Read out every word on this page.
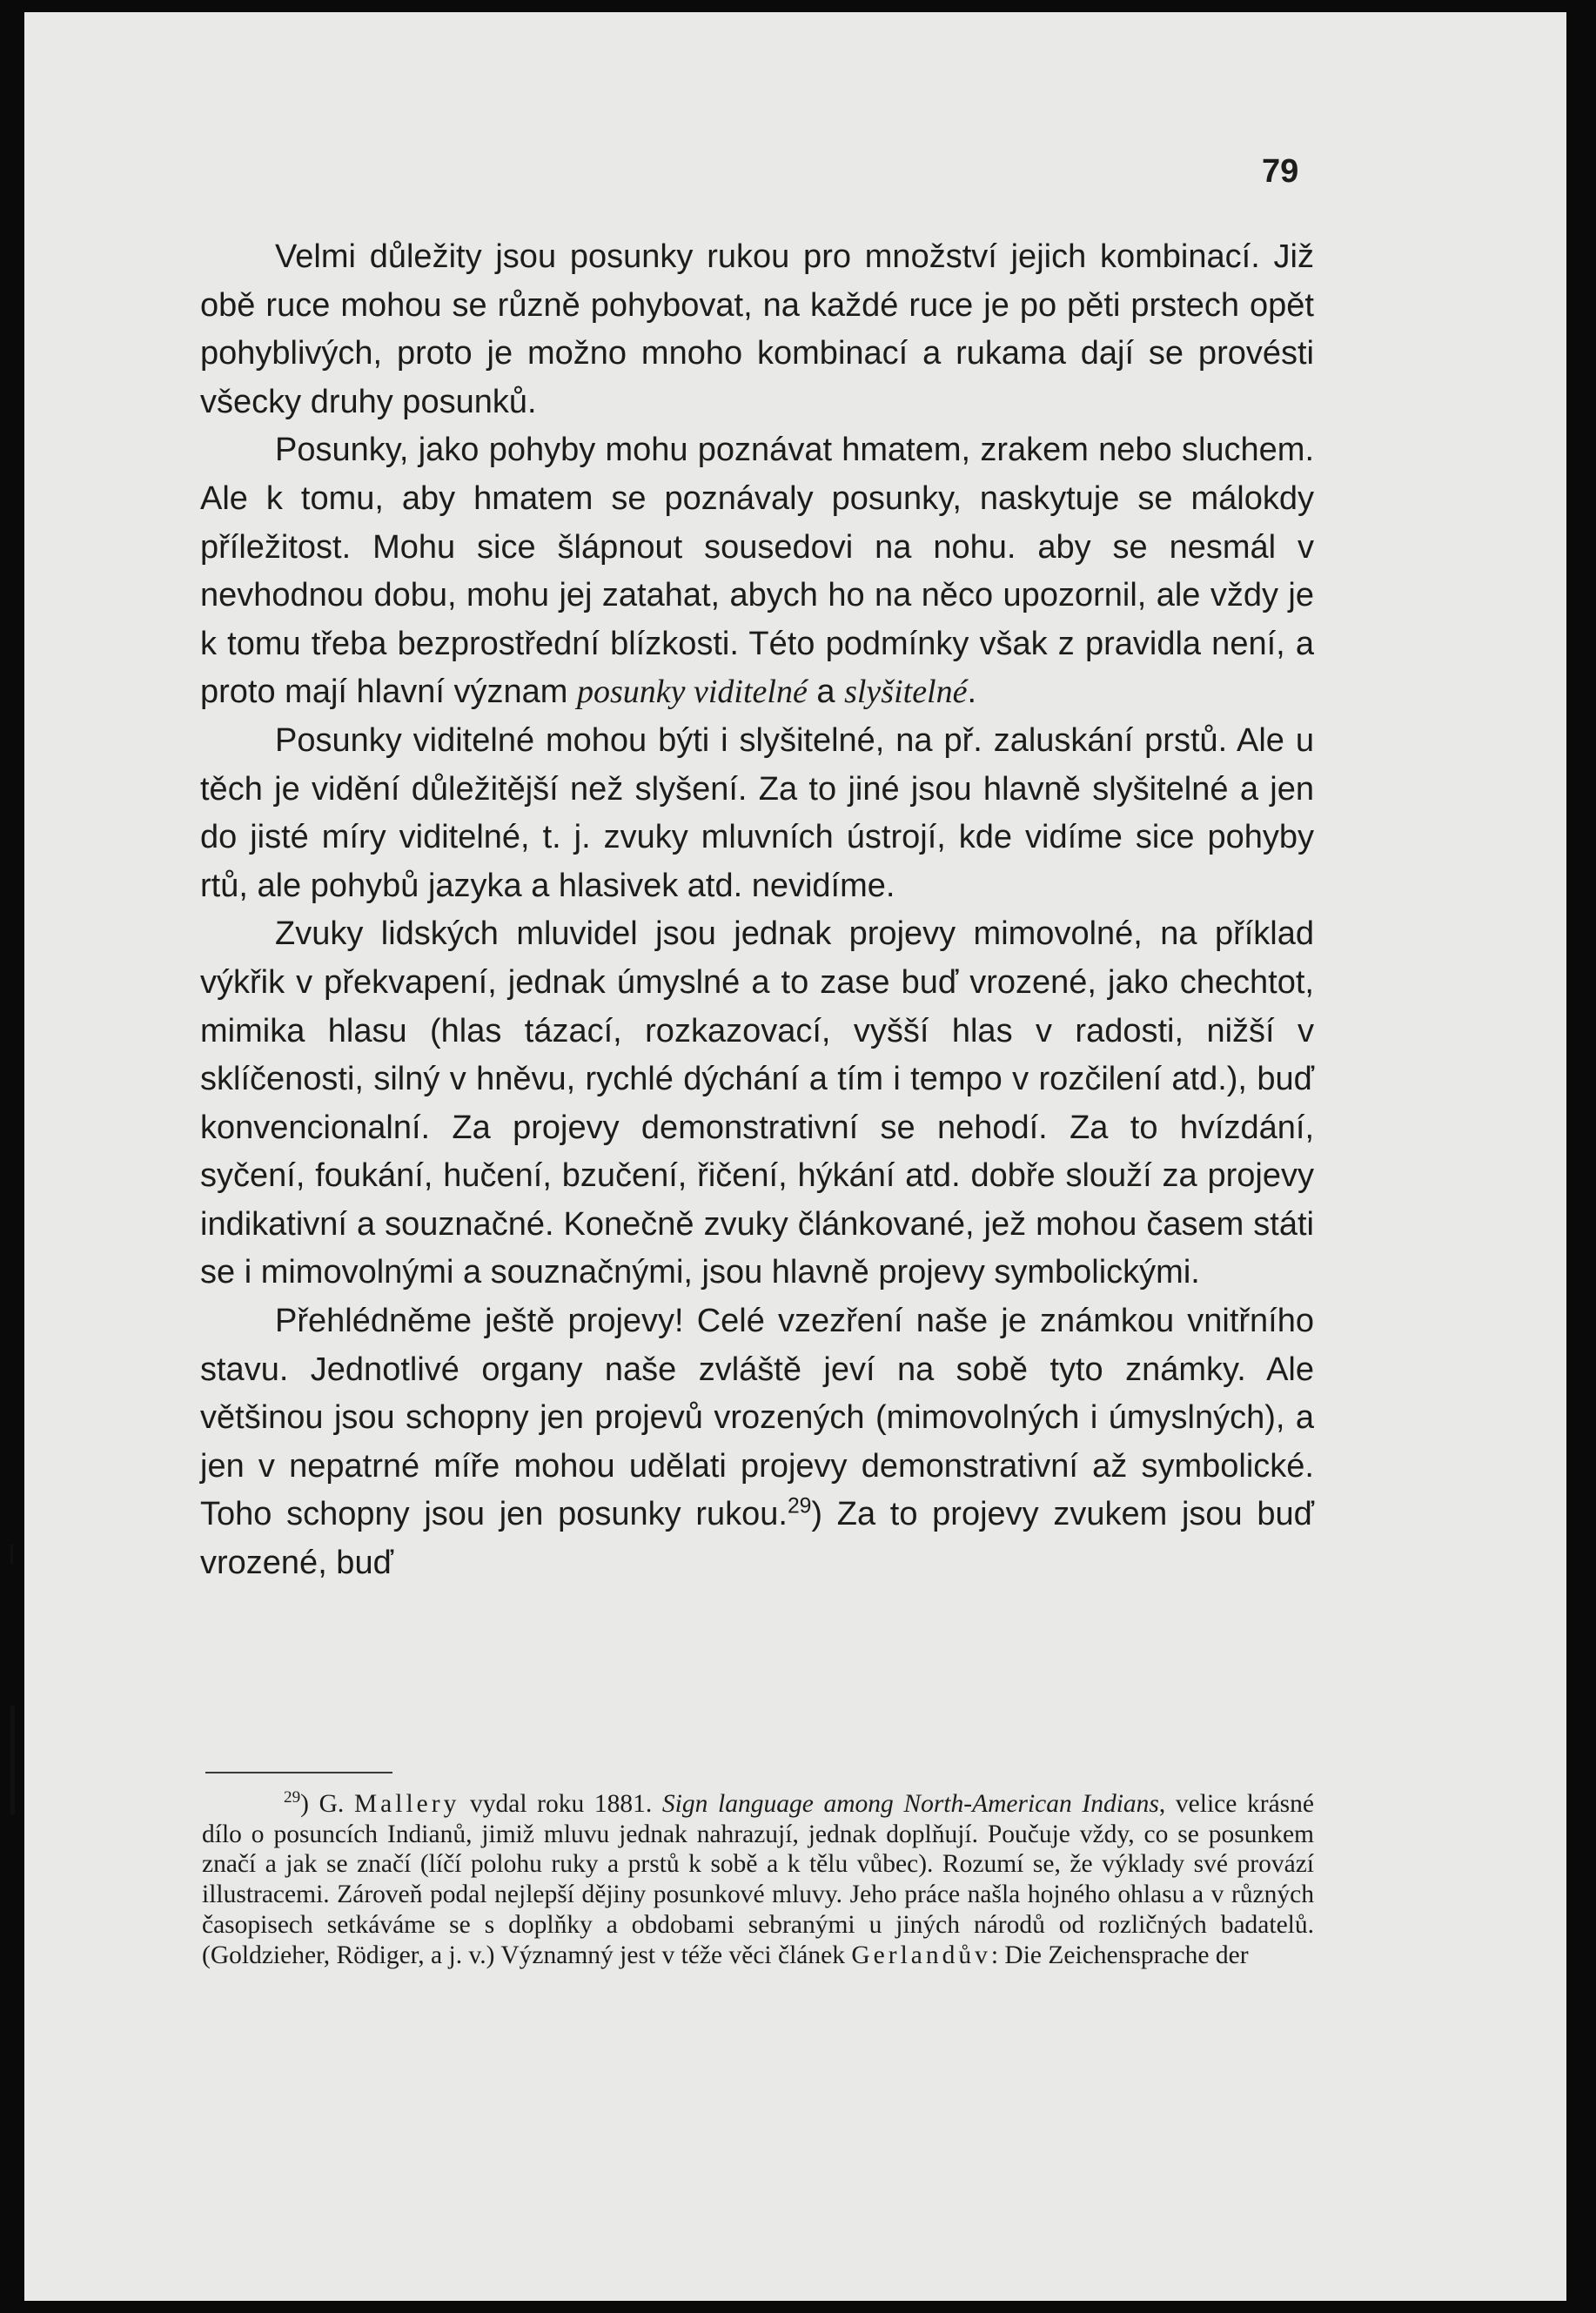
79

Velmi důležity jsou posunky rukou pro množství jejich kombinací. Již obě ruce mohou se různě pohybovat, na každé ruce je po pěti prstech opět pohyblivých, proto je možno mnoho kombinací a rukama dají se provésti všecky druhy posunků.

Posunky, jako pohyby mohu poznávat hmatem, zrakem nebo sluchem. Ale k tomu, aby hmatem se poznávaly posunky, naskytuje se málokdy příležitost. Mohu sice šlápnout sousedovi na nohu. aby se nesmál v nevhodnou dobu, mohu jej zatahat, abych ho na něco upozornil, ale vždy je k tomu třeba bezprostřední blízkosti. Této podmínky však z pravidla není, a proto mají hlavní význam posunky viditelné a slyšitelné.

Posunky viditelné mohou býti i slyšitelné, na př. zaluskání prstů. Ale u těch je vidění důležitější než slyšení. Za to jiné jsou hlavně slyšitelné a jen do jisté míry viditelné, t. j. zvuky mluvních ústrojí, kde vidíme sice pohyby rtů, ale pohybů jazyka a hlasivek atd. nevidíme.

Zvuky lidských mluvidel jsou jednak projevy mimovolné, na příklad výkřik v překvapení, jednak úmyslné a to zase buď vrozené, jako chechtot, mimika hlasu (hlas tázací, rozkazovací, vyšší hlas v radosti, nižší v sklíčenosti, silný v hněvu, rychlé dýchání a tím i tempo v rozčilení atd.), buď konvencionalní. Za projevy demonstrativní se nehodí. Za to hvízdání, syčení, foukání, hučení, bzučení, řičení, hýkání atd. dobře slouží za projevy indikativní a souznačné. Konečně zvuky článkované, jež mohou časem státi se i mimovolnými a souznačnými, jsou hlavně projevy symbolickými.

Přehlédněme ještě projevy! Celé vzezření naše je známkou vnitřního stavu. Jednotlivé organy naše zvláště jeví na sobě tyto známky. Ale většinou jsou schopny jen projevů vrozených (mimovolných i úmyslných), a jen v nepatrné míře mohou udělati projevy demonstrativní až symbolické. Toho schopny jsou jen posunky rukou.$^{29}$) Za to projevy zvukem jsou buď vrozené, buď

$^{29}$) G. Mallery vydal roku 1881. Sign language among North-American Indians, velice krásné dílo o posuncích Indianů, jimiž mluvu jednak nahrazují, jednak doplňují. Poučuje vždy, co se posunkem značí a jak se značí (líčí polohu ruky a prstů k sobě a k tělu vůbec). Rozumí se, že výklady své provází illustracemi. Zároveň podal nejlepší dějiny posunkové mluvy. Jeho práce našla hojného ohlasu a v různých časopisech setkáváme se s doplňky a obdobami sebranými u jiných národů od rozličných badatelů. (Goldzieher, Rödiger, a j. v.) Významný jest v téže věci článek Gerlandův: Die Zeichensprache der
